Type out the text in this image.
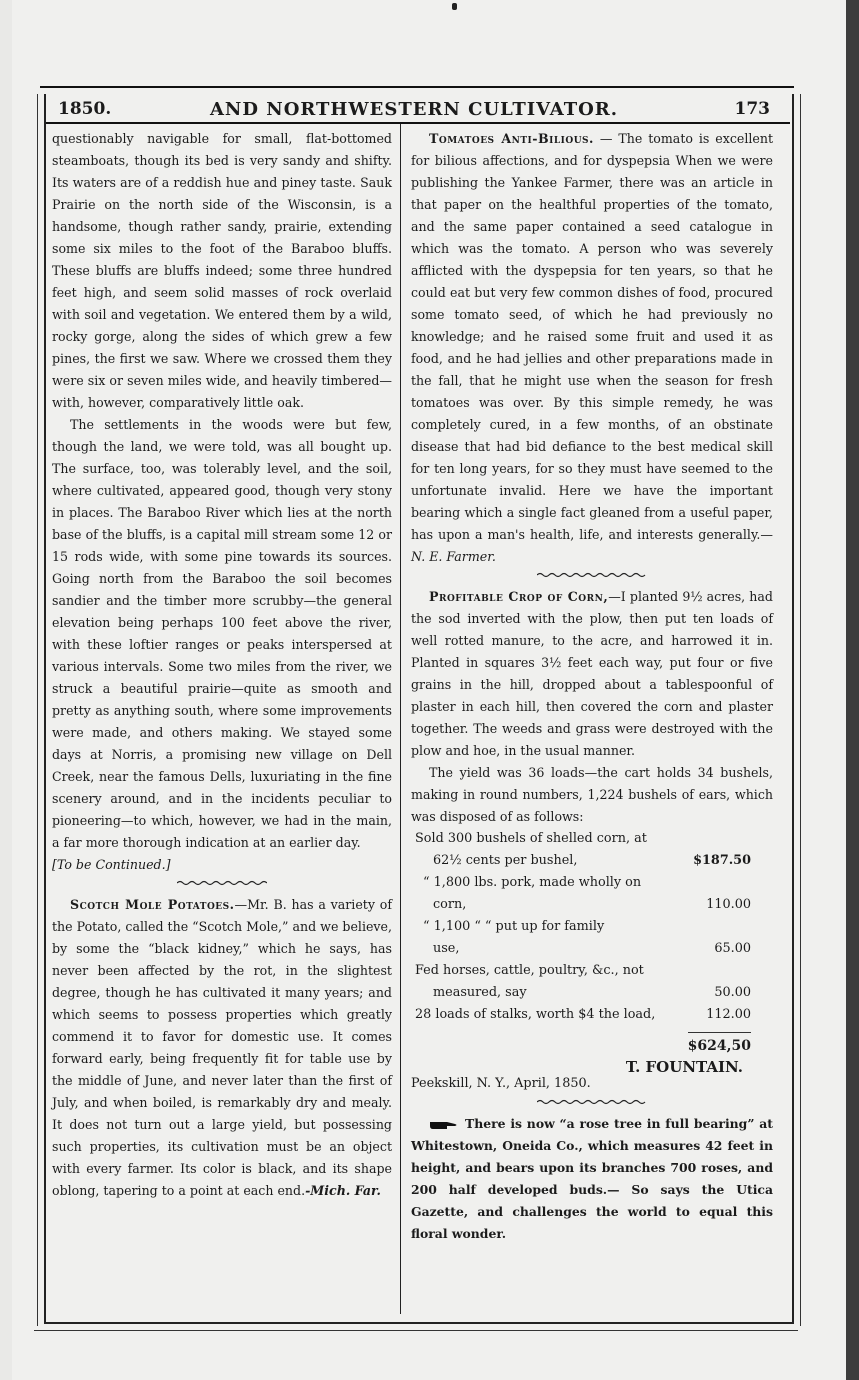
1850.	AND NORTHWESTERN CULTIVATOR.	173

questionably navigable for small, flat-bottomed steamboats, though its bed is very sandy and shifty. Its waters are of a reddish hue and piney taste. Sauk Prairie on the north side of the Wisconsin, is a handsome, though rather sandy, prairie, extending some six miles to the foot of the Baraboo bluffs. These bluffs are bluffs indeed; some three hundred feet high, and seem solid masses of rock overlaid with soil and vegetation. We entered them by a wild, rocky gorge, along the sides of which grew a few pines, the first we saw. Where we crossed them they were six or seven miles wide, and heavily timbered—with, however, comparatively little oak.

The settlements in the woods were but few, though the land, we were told, was all bought up. The surface, too, was tolerably level, and the soil, where cultivated, appeared good, though very stony in places. The Baraboo River which lies at the north base of the bluffs, is a capital mill stream some 12 or 15 rods wide, with some pine towards its sources. Going north from the Baraboo the soil becomes sandier and the timber more scrubby—the general elevation being perhaps 100 feet above the river, with these loftier ranges or peaks interspersed at various intervals. Some two miles from the river, we struck a beautiful prairie—quite as smooth and pretty as anything south, where some improvements were made, and others making. We stayed some days at Norris, a promising new village on Dell Creek, near the famous Dells, luxuriating in the fine scenery around, and in the incidents peculiar to pioneering—to which, however, we had in the main, a far more thorough indication at an earlier day.

[To be Continued.]

Scotch Mole Potatoes.—Mr. B. has a variety of the Potato, called the “Scotch Mole,” and we believe, by some the “black kidney,” which he says, has never been affected by the rot, in the slightest degree, though he has cultivated it many years; and which seems to possess properties which greatly commend it to favor for domestic use. It comes forward early, being frequently fit for table use by the middle of June, and never later than the first of July, and when boiled, is remarkably dry and mealy. It does not turn out a large yield, but possessing such properties, its cultivation must be an object with every farmer. Its color is black, and its shape oblong, tapering to a point at each end.-Mich. Far.

Tomatoes Anti-Bilious. — The tomato is excellent for bilious affections, and for dyspepsia When we were publishing the Yankee Farmer, there was an article in that paper on the healthful properties of the tomato, and the same paper contained a seed catalogue in which was the tomato. A person who was severely afflicted with the dyspepsia for ten years, so that he could eat but very few common dishes of food, procured some tomato seed, of which he had previously no knowledge; and he raised some fruit and used it as food, and he had jellies and other preparations made in the fall, that he might use when the season for fresh tomatoes was over. By this simple remedy, he was completely cured, in a few months, of an obstinate disease that had bid defiance to the best medical skill for ten long years, for so they must have seemed to the unfortunate invalid. Here we have the important bearing which a single fact gleaned from a useful paper, has upon a man's health, life, and interests generally.—N. E. Farmer.

Profitable Crop of Corn,—I planted 9½ acres, had the sod inverted with the plow, then put ten loads of well rotted manure, to the acre, and harrowed it in. Planted in squares 3½ feet each way, put four or five grains in the hill, dropped about a tablespoonful of plaster in each hill, then covered the corn and plaster together. The weeds and grass were destroyed with the plow and hoe, in the usual manner.

The yield was 36 loads—the cart holds 34 bushels, making in round numbers, 1,224 bushels of ears, which was disposed of as follows:

Sold 300 bushels of shelled corn, at
62½ cents per bushel,	$187.50
“ 1,800 lbs. pork, made wholly on
corn,	110.00
“ 1,100 “ “ put up for family
use,	65.00
Fed horses, cattle, poultry, &c., not
measured, say	50.00
28 loads of stalks, worth $4 the load,	112.00
$624,50
T. FOUNTAIN.
Peekskill, N. Y., April, 1850.

There is now “a rose tree in full bearing” at Whitestown, Oneida Co., which measures 42 feet in height, and bears upon its branches 700 roses, and 200 half developed buds.— So says the Utica Gazette, and challenges the world to equal this floral wonder.
